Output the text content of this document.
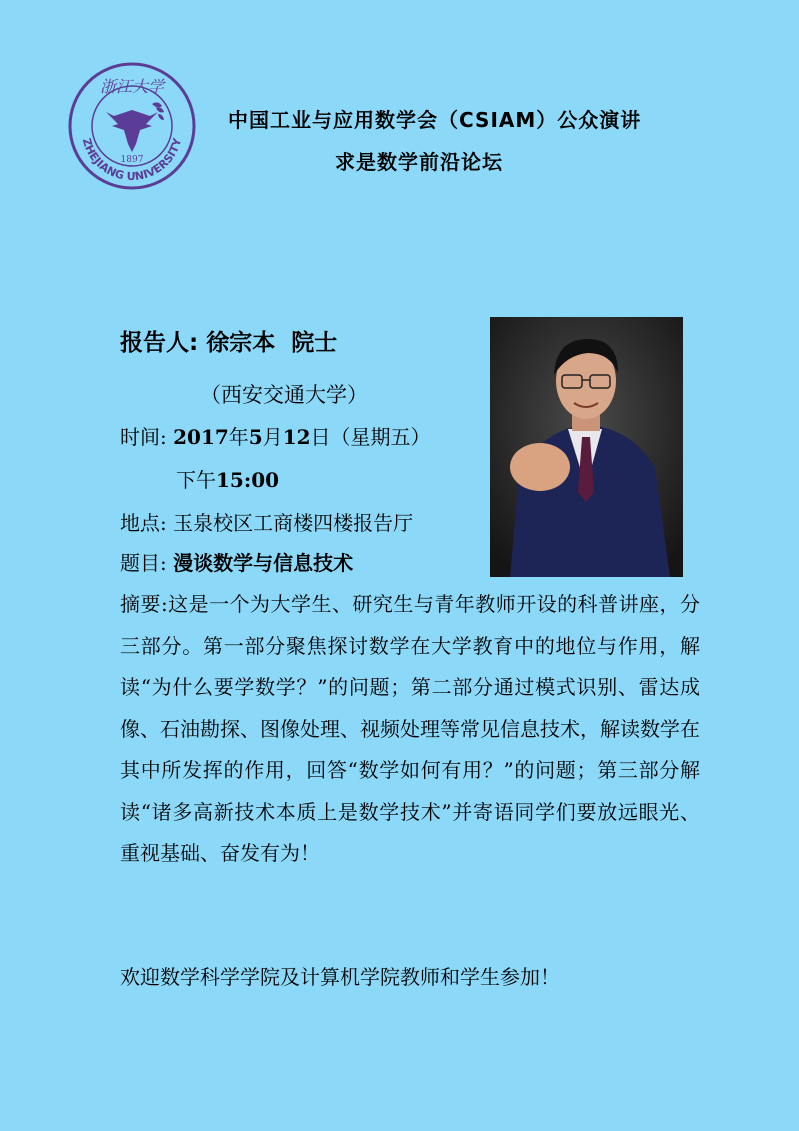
浙江大学
ZHEJIANG UNIVERSITY
1897
中国工业与应用数学会（CSIAM）公众演讲
求是数学前沿论坛
报告人: 徐宗本 院士
（西安交通大学）
时间: 2017年5月12日（星期五）
下午15:00
地点: 玉泉校区工商楼四楼报告厅
题目: 漫谈数学与信息技术
摘要:这是一个为大学生、研究生与青年教师开设的科普讲座，分三部分。第一部分聚焦探讨数学在大学教育中的地位与作用，解读“为什么要学数学？”的问题；第二部分通过模式识别、雷达成像、石油勘探、图像处理、视频处理等常见信息技术，解读数学在其中所发挥的作用，回答“数学如何有用？”的问题；第三部分解读“诸多高新技术本质上是数学技术”并寄语同学们要放远眼光、重视基础、奋发有为！
欢迎数学科学学院及计算机学院教师和学生参加！
